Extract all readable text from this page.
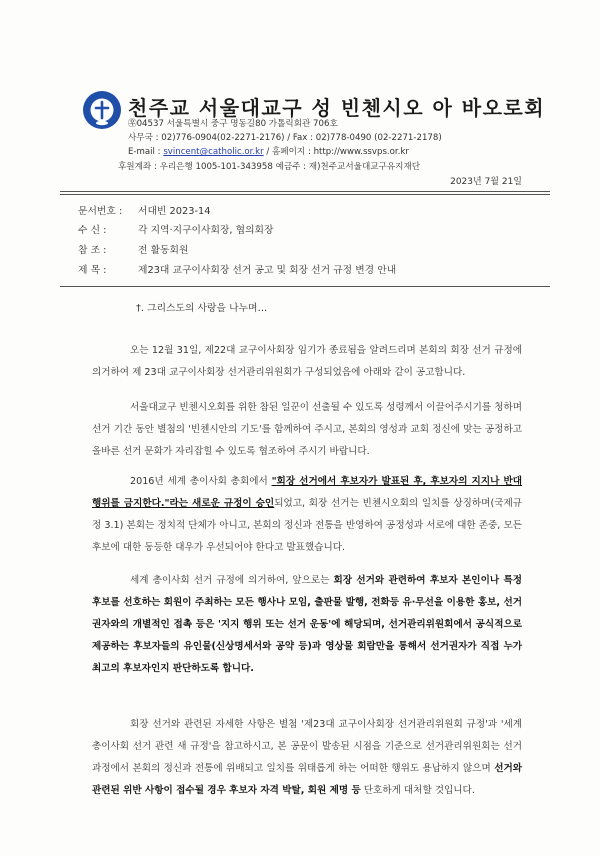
천주교 서울대교구 성 빈첸시오 아 바오로회
㉾04537 서울특별시 중구 명동길80 가톨릭회관 706호
사무국 : 02)776-0904(02-2271-2176) / Fax : 02)778-0490 (02-2271-2178)
E-mail : svincent@catholic.or.kr / 홈페이지 : http://www.ssvps.or.kr
후원계좌 : 우리은행 1005-101-343958 예금주 : 재)천주교서울대교구유지재단
2023년 7월 21일
문서번호 : 서대빈 2023-14
수 신 :	각 지역·지구이사회장, 협의회장
참 조 :	전 활동회원
제 목 :	제23대 교구이사회장 선거 공고 및 회장 선거 규정 변경 안내
†. 그리스도의 사랑을 나누며…

오는 12월 31일, 제22대 교구이사회장 임기가 종료됨을 알려드리며 본회의 회장 선거 규정에 의거하여 제 23대 교구이사회장 선거관리위원회가 구성되었음에 아래와 같이 공고합니다.

서울대교구 빈첸시오회를 위한 참된 일꾼이 선출될 수 있도록 성령께서 이끌어주시기를 청하며 선거 기간 동안 별첨의 '빈첸시안의 기도'를 함께하여 주시고, 본회의 영성과 교회 정신에 맞는 공정하고 올바른 선거 문화가 자리잡힐 수 있도록 협조하여 주시기 바랍니다.

2016년 세계 총이사회 총회에서 "회장 선거에서 후보자가 발표된 후, 후보자의 지지나 반대 행위를 금지한다."라는 새로운 규정이 승인되었고, 회장 선거는 빈첸시오회의 일치를 상징하며(국제규정 3.1) 본회는 정치적 단체가 아니고, 본회의 정신과 전통을 반영하여 공정성과 서로에 대한 존중, 모든 후보에 대한 동등한 대우가 우선되어야 한다고 발표했습니다.

세계 총이사회 선거 규정에 의거하여, 앞으로는 회장 선거와 관련하여 후보자 본인이나 특정 후보를 선호하는 회원이 주최하는 모든 행사나 모임, 출판물 발행, 전화등 유·무선을 이용한 홍보, 선거권자와의 개별적인 접촉 등은 '지지 행위 또는 선거 운동'에 해당되며, 선거관리위원회에서 공식적으로 제공하는 후보자들의 유인물(신상명세서와 공약 등)과 영상물 회람만을 통해서 선거권자가 직접 누가 최고의 후보자인지 판단하도록 합니다.

회장 선거와 관련된 자세한 사항은 별첨 '제23대 교구이사회장 선거관리위원회 규정'과 '세계 총이사회 선거 관련 새 규정'을 참고하시고, 본 공문이 발송된 시점을 기준으로 선거관리위원회는 선거 과정에서 본회의 정신과 전통에 위배되고 일치를 위태롭게 하는 어떠한 행위도 용납하지 않으며 선거와 관련된 위반 사항이 접수될 경우 후보자 자격 박탈, 회원 제명 등 단호하게 대처할 것입니다.
